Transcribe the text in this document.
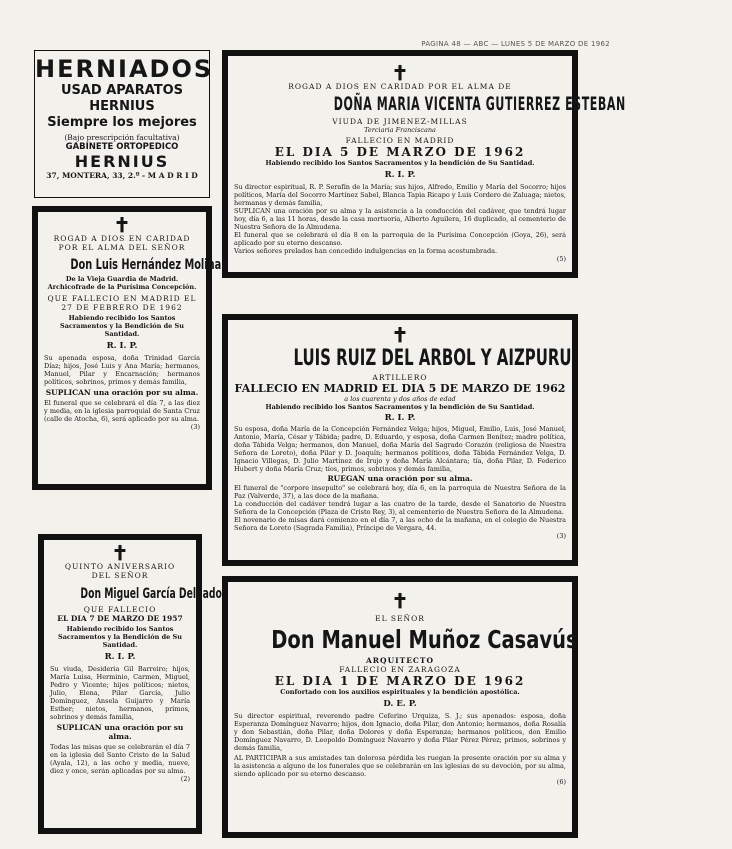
PAGINA 48 — ABC — LUNES 5 DE MARZO DE 1962
HERNIADOS
USAD APARATOS
HERNIUS
Siempre los mejores
(Bajo prescripción facultativa)
GABINETE ORTOPEDICO
HERNIUS
37, MONTERA, 33, 2.º - M A D R I D
✝
ROGAD A DIOS EN CARIDAD POR EL ALMA DEL SEÑOR
Don Luis Hernández Molina
De la Vieja Guardia de Madrid. Archicofrade de la Purísima Concepción.
QUE FALLECIO EN MADRID EL 27 DE FEBRERO DE 1962
Habiendo recibido los Santos Sacramentos y la Bendición de Su Santidad.
R. I. P.
Su apenada esposa, doña Trinidad García Díaz; hijos, José Luis y Ana María; hermanos, Manuel, Pilar y Encarnación; hermanos políticos, sobrinos, primos y demás familia,
SUPLICAN una oración por su alma.
El funeral que se celebrará el día 7, a las diez y media, en la iglesia parroquial de Santa Cruz (calle de Atocha, 6), será aplicado por su alma.
(3)
✝
QUINTO ANIVERSARIO DEL SEÑOR
Don Miguel García Delgado
QUE FALLECIO
EL DIA 7 DE MARZO DE 1957
Habiendo recibido los Santos Sacramentos y la Bendición de Su Santidad.
R. I. P.
Su viuda, Desideria Gil Barreiro; hijos, María Luisa, Herminio, Carmen, Miguel, Pedro y Vicente; hijos políticos; nietos, Julio, Elena, Pilar García, Julio Domínguez, Ansela Guijarro y María Esther; nietos, hermanos, primos, sobrinos y demás familia,
SUPLICAN una oración por su alma.
Todas las misas que se celebrarán el día 7 en la iglesia del Santo Cristo de la Salud (Ayala, 12), a las ocho y media, nueve, diez y once, serán aplicadas por su alma.
(2)
✝
ROGAD A DIOS EN CARIDAD POR EL ALMA DE
DOÑA MARIA VICENTA GUTIERREZ ESTEBAN
VIUDA DE JIMENEZ-MILLAS
Terciaria Franciscana
FALLECIO EN MADRID
EL DIA 5 DE MARZO DE 1962
Habiendo recibido los Santos Sacramentos y la bendición de Su Santidad.
R. I. P.
Su director espiritual, R. P. Serafín de la María; sus hijos, Alfredo, Emilio y María del Socorro; hijos políticos, María del Socorro Martínez Sabel, Blanca Tapia Ricapo y Luis Cordero de Zaluaga; nietos, hermanas y demás familia,
SUPLICAN una oración por su alma y la asistencia a la conducción del cadáver, que tendrá lugar hoy, día 6, a las 11 horas, desde la casa mortuoria, Alberto Aguilera, 16 duplicado, al cementerio de Nuestra Señora de la Almudena.
El funeral que se celebrará el día 8 en la parroquia de la Purísima Concepción (Goya, 26), será aplicado por su eterno descanso.
Varios señores prelados han concedido indulgencias en la forma acostumbrada.
(5)
✝
LUIS RUIZ DEL ARBOL Y AIZPURU
ARTILLERO
FALLECIO EN MADRID EL DIA 5 DE MARZO DE 1962
a los cuarenta y dos años de edad
Habiendo recibido los Santos Sacramentos y la bendición de Su Santidad.
R. I. P.
Su esposa, doña María de la Concepción Fernández Velga; hijos, Miguel, Emilio, Luis, José Manuel, Antonio, María, César y Tábida; padre, D. Eduardo, y esposa, doña Carmen Benítez; madre política, doña Tábida Velga; hermanos, don Manuel, doña María del Sagrado Corazón (religiosa de Nuestra Señora de Loreto), doña Pilar y D. Joaquín; hermanos políticos, doña Tábida Fernández Velga, D. Ignacio Villegas, D. Julio Martínez de Irujo y doña María Alcántara; tía, doña Pilar, D. Federico Hubert y doña María Cruz; tíos, primos, sobrinos y demás familia,
RUEGAN una oración por su alma.
El funeral de "corpore insepulto" se celebrará hoy, día 6, en la parroquia de Nuestra Señora de la Paz (Valverde, 37), a las doce de la mañana.
La conducción del cadáver tendrá lugar a las cuatro de la tarde, desde el Sanatorio de Nuestra Señora de la Concepción (Plaza de Cristo Rey, 3), al cementerio de Nuestra Señora de la Almudena.
El novenario de misas dará comienzo en el día 7, a las ocho de la mañana, en el colegio de Nuestra Señora de Loreto (Sagrada Familia), Príncipe de Vergara, 44.
(3)
✝
EL SEÑOR
Don Manuel Muñoz Casavús
ARQUITECTO
FALLECIO EN ZARAGOZA
EL DIA 1 DE MARZO DE 1962
Confortado con los auxilios espirituales y la bendición apostólica.
D. E. P.
Su director espiritual, reverendo padre Ceferino Urquiza, S. J.; sus apenados: esposa, doña Esperanza Domínguez Navarro; hijos, don Ignacio, doña Pilar, don Antonio; hermanos, doña Rosalía y don Sebastián, doña Pilar, doña Dolores y doña Esperanza; hermanos políticos, don Emilio Domínguez Navarro, D. Leopoldo Domínguez Navarro y doña Pilar Pérez Pérez; primos, sobrinos y demás familia,
AL PARTICIPAR a sus amistades tan dolorosa pérdida les ruegan la presente oración por su alma y la asistencia a alguno de los funerales que se celebrarán en las iglesias de su devoción, por su alma, siendo aplicado por su eterno descanso.
(6)
